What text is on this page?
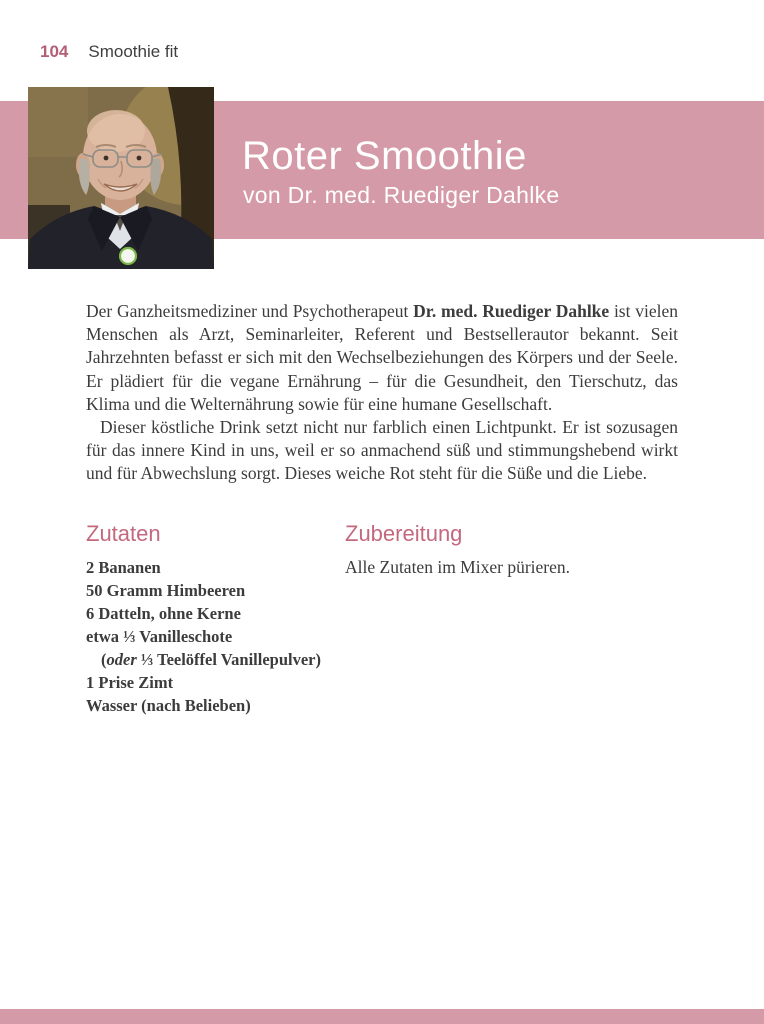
104 Smoothie fit
Roter Smoothie
von Dr. med. Ruediger Dahlke

Der Ganzheitsmediziner und Psychotherapeut Dr. med. Ruediger Dahlke ist vielen Menschen als Arzt, Seminarleiter, Referent und Bestsellerautor bekannt. Seit Jahrzehnten befasst er sich mit den Wechselbeziehungen des Körpers und der Seele. Er plädiert für die vegane Ernährung – für die Gesundheit, den Tierschutz, das Klima und die Welternährung sowie für eine humane Gesellschaft.

Dieser köstliche Drink setzt nicht nur farblich einen Lichtpunkt. Er ist sozusagen für das innere Kind in uns, weil er so anmachend süß und stimmungshebend wirkt und für Abwechslung sorgt. Dieses weiche Rot steht für die Süße und die Liebe.

Zutaten

2 Bananen

50 Gramm Himbeeren

6 Datteln, ohne Kerne

etwa ⅓ Vanilleschote

(oder ⅓ Teelöffel Vanillepulver)

1 Prise Zimt

Wasser (nach Belieben)

Zubereitung

Alle Zutaten im Mixer pürieren.
